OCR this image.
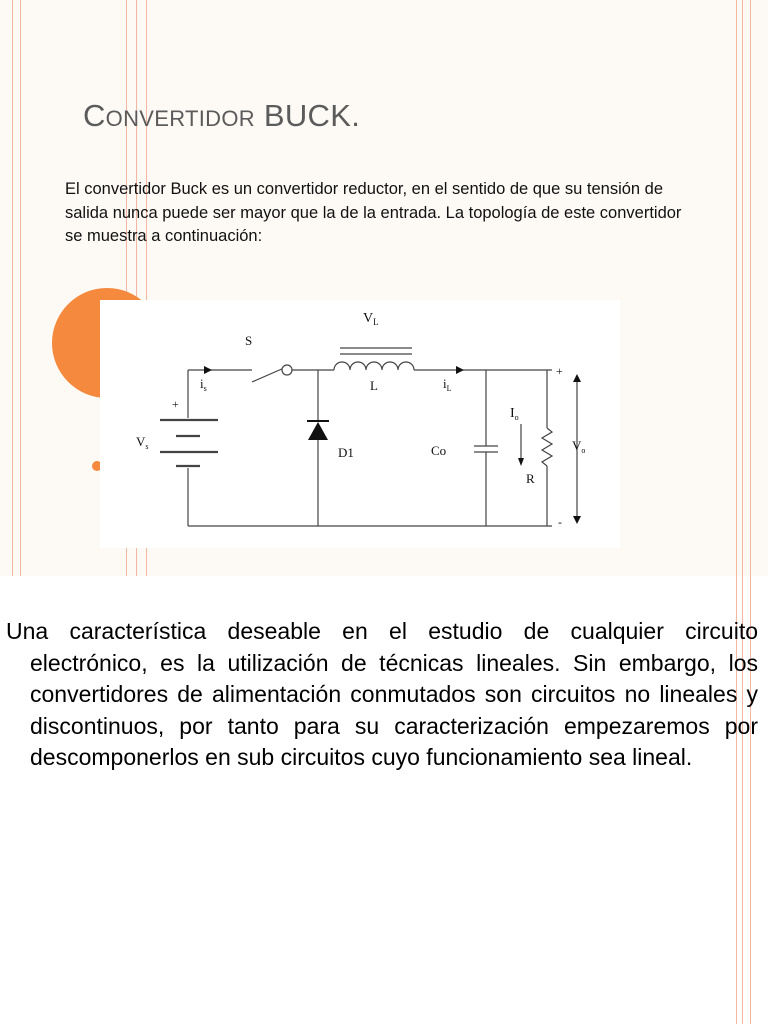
Convertidor BUCK.
El convertidor Buck es un convertidor reductor, en el sentido de que su tensión de salida nunca puede ser mayor que la de la entrada. La topología de este convertidor se muestra a continuación:
$V_L$
S
$i_s$	L	$i_L$
+
$V_s$	D1	Co
$I_o$
R
+
$V_o$
-
Una característica deseable en el estudio de cualquier circuito electrónico, es la utilización de técnicas lineales. Sin embargo, los convertidores de alimentación conmutados son circuitos no lineales y discontinuos, por tanto para su caracterización empezaremos por descomponerlos en sub circuitos cuyo funcionamiento sea lineal.
